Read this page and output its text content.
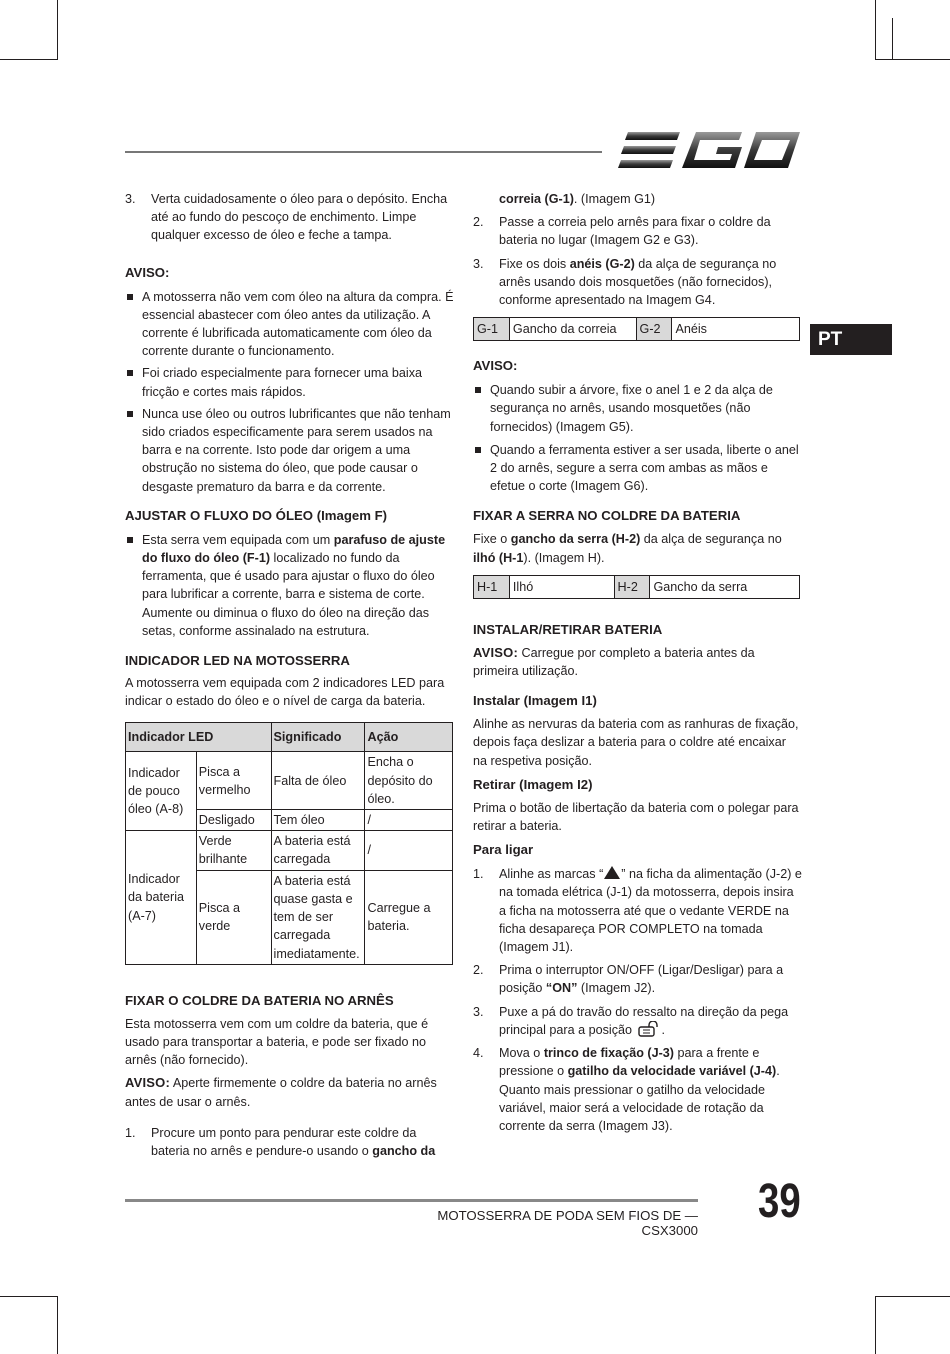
PT
3. Verta cuidadosamente o óleo para o depósito. Encha até ao fundo do pescoço de enchimento. Limpe qualquer excesso de óleo e feche a tampa.

AVISO:

A motosserra não vem com óleo na altura da compra. É essencial abastecer com óleo antes da utilização. A corrente é lubrificada automaticamente com óleo da corrente durante o funcionamento.
Foi criado especialmente para fornecer uma baixa fricção e cortes mais rápidos.
Nunca use óleo ou outros lubrificantes que não tenham sido criados especificamente para serem usados na barra e na corrente. Isto pode dar origem a uma obstrução no sistema do óleo, que pode causar o desgaste prematuro da barra e da corrente.

AJUSTAR O FLUXO DO ÓLEO (Imagem F)

Esta serra vem equipada com um parafuso de ajuste do fluxo do óleo (F-1) localizado no fundo da ferramenta, que é usado para ajustar o fluxo do óleo para lubrificar a corrente, barra e sistema de corte. Aumente ou diminua o fluxo do óleo na direção das setas, conforme assinalado na estrutura.

INDICADOR LED NA MOTOSSERRA

A motosserra vem equipada com 2 indicadores LED para indicar o estado do óleo e o nível de carga da bateria.

Indicador LED		Significado	Ação
Indicador de pouco óleo (A-8)	Pisca a vermelho	Falta de óleo	Encha o depósito do óleo.
	Desligado	Tem óleo	/
Indicador da bateria (A-7)	Verde brilhante	A bateria está carregada	/
	Pisca a verde	A bateria está quase gasta e tem de ser carregada imediatamente.	Carregue a bateria.

FIXAR O COLDRE DA BATERIA NO ARNÊS

Esta motosserra vem com um coldre da bateria, que é usado para transportar a bateria, e pode ser fixado no arnês (não fornecido).

AVISO: Aperte firmemente o coldre da bateria no arnês antes de usar o arnês.

1. Procure um ponto para pendurar este coldre da bateria no arnês e pendure-o usando o gancho da
correia (G-1). (Imagem G1)
2. Passe a correia pelo arnês para fixar o coldre da bateria no lugar (Imagem G2 e G3).
3. Fixe os dois anéis (G-2) da alça de segurança no arnês usando dois mosquetões (não fornecidos), conforme apresentado na Imagem G4.
G-1	Gancho da correia	G-2	Anéis

AVISO:

Quando subir a árvore, fixe o anel 1 e 2 da alça de segurança no arnês, usando mosquetões (não fornecidos) (Imagem G5).
Quando a ferramenta estiver a ser usada, liberte o anel 2 do arnês, segure a serra com ambas as mãos e efetue o corte (Imagem G6).

FIXAR A SERRA NO COLDRE DA BATERIA

Fixe o gancho da serra (H-2) da alça de segurança no ilhó (H-1). (Imagem H).

H-1	Ilhó	H-2	Gancho da serra

INSTALAR/RETIRAR BATERIA

AVISO: Carregue por completo a bateria antes da primeira utilização.

Instalar (Imagem I1)

Alinhe as nervuras da bateria com as ranhuras de fixação, depois faça deslizar a bateria para o coldre até encaixar na respetiva posição.

Retirar (Imagem I2)

Prima o botão de libertação da bateria com o polegar para retirar a bateria.

Para ligar

1. Alinhe as marcas “ ” na ficha da alimentação (J-2) e na tomada elétrica (J-1) da motosserra, depois insira a ficha na motosserra até que o vedante VERDE na ficha desapareça POR COMPLETO na tomada (Imagem J1).
2. Prima o interruptor ON/OFF (Ligar/Desligar) para a posição “ON” (Imagem J2).
3. Puxe a pá do travão do ressalto na direção da pega principal para a posição .
4. Mova o trinco de fixação (J-3) para a frente e pressione o gatilho da velocidade variável (J-4). Quanto mais pressionar o gatilho da velocidade variável, maior será a velocidade de rotação da corrente da serra (Imagem J3).
MOTOSSERRA DE PODA SEM FIOS DE — CSX3000
39
